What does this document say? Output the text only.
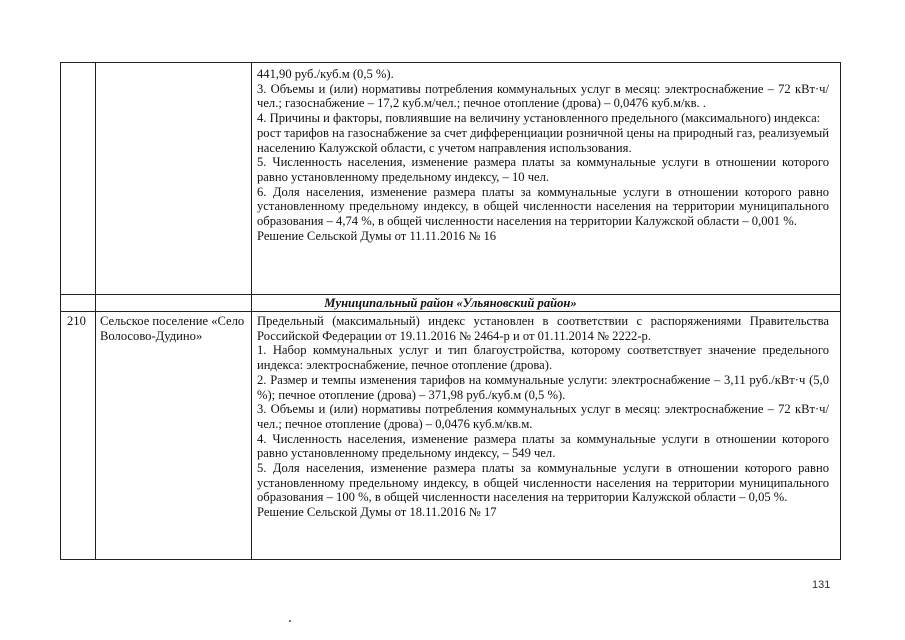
441,90 руб./куб.м (0,5 %).

3. Объемы и (или) нормативы потребления коммунальных услуг в месяц: электроснабжение – 72 кВт·ч/чел.; газоснабжение – 17,2 куб.м/чел.; печное отопление (дрова) – 0,0476 куб.м/кв. .

4. Причины и факторы, повлиявшие на величину установленного предельного (максимального) индекса:

рост тарифов на газоснабжение за счет дифференциации розничной цены на природный газ, реализуемый населению Калужской области, с учетом направления использования.

5. Численность населения, изменение размера платы за коммунальные услуги в отношении которого равно установленному предельному индексу, – 10 чел.

6. Доля населения, изменение размера платы за коммунальные услуги в отношении которого равно установленному предельному индексу, в общей численности населения на территории муниципального образования – 4,74 %, в общей численности населения на территории Калужской области – 0,001 %.

Решение Сельской Думы от 11.11.2016 № 16

Муниципальный район «Ульяновский район»
210	Сельское поселение «Село Волосово-Дудино»

Предельный (максимальный) индекс установлен в соответствии с распоряжениями Правительства Российской Федерации от 19.11.2016 № 2464-р и от 01.11.2014 № 2222-р.

1. Набор коммунальных услуг и тип благоустройства, которому соответствует значение предельного индекса: электроснабжение, печное отопление (дрова).

2. Размер и темпы изменения тарифов на коммунальные услуги: электроснабжение – 3,11 руб./кВт·ч (5,0 %); печное отопление (дрова) – 371,98 руб./куб.м (0,5 %).

3. Объемы и (или) нормативы потребления коммунальных услуг в месяц: электроснабжение – 72 кВт·ч/чел.; печное отопление (дрова) – 0,0476 куб.м/кв.м.

4. Численность населения, изменение размера платы за коммунальные услуги в отношении которого равно установленному предельному индексу, – 549 чел.

5. Доля населения, изменение размера платы за коммунальные услуги в отношении которого равно установленному предельному индексу, в общей численности населения на территории муниципального образования – 100 %, в общей численности населения на территории Калужской области – 0,05 %.

Решение Сельской Думы от 18.11.2016 № 17

131
